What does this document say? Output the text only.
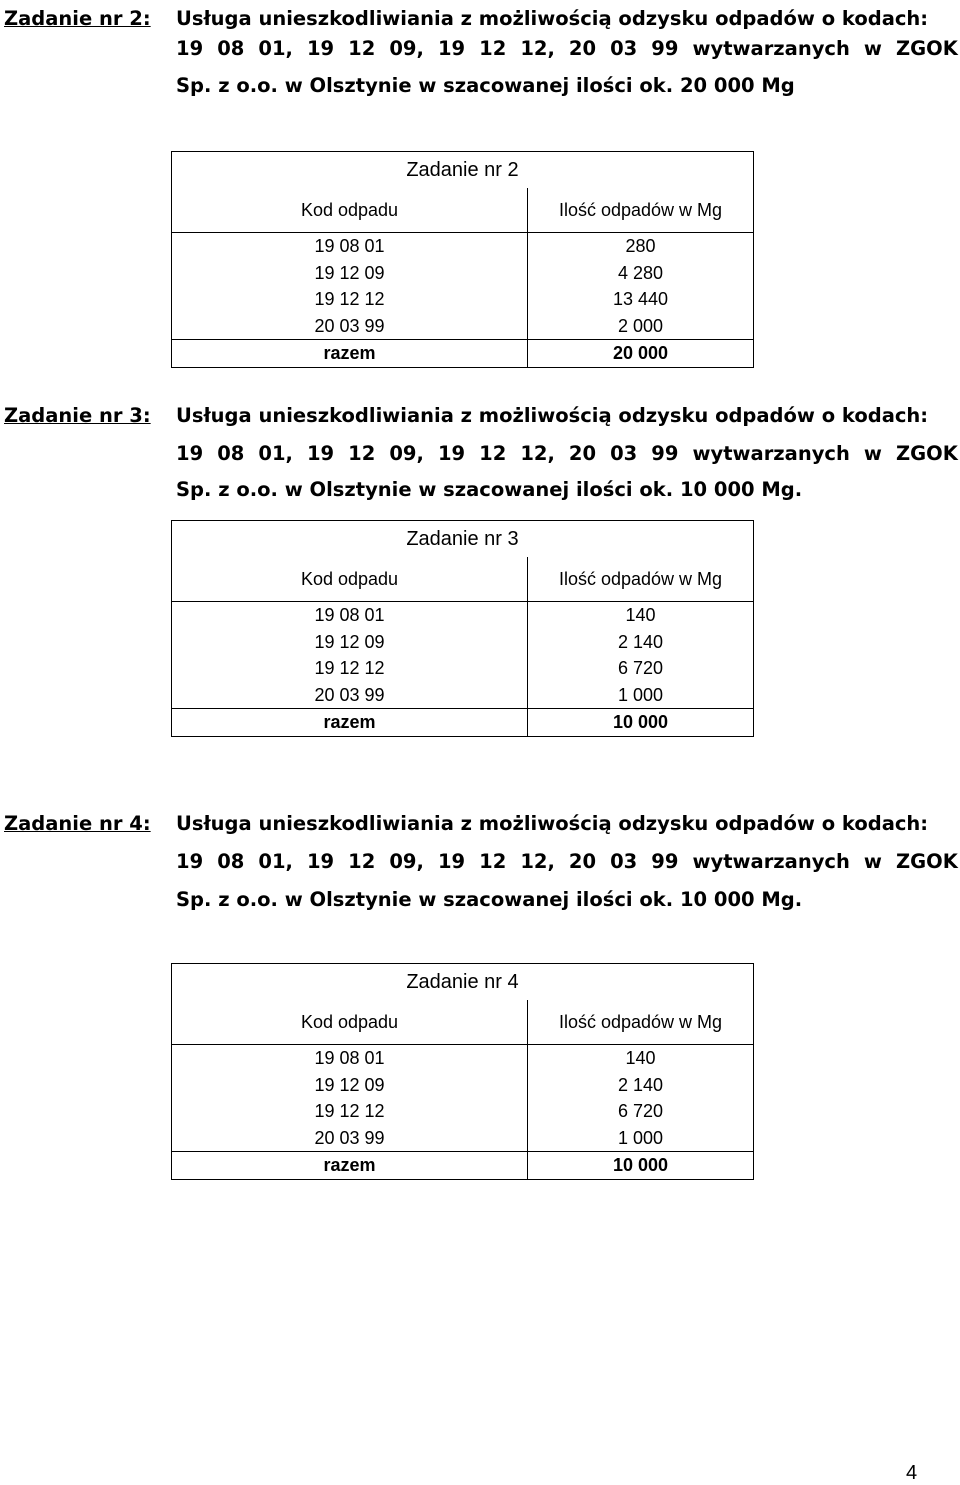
Zadanie nr 2: Usługa unieszkodliwiania z możliwością odzysku odpadów o kodach:
19 08 01, 19 12 09, 19 12 12, 20 03 99 wytwarzanych w ZGOK
Sp. z o.o. w Olsztynie w szacowanej ilości ok. 20 000 Mg
Zadanie nr 2	
Kod odpadu	Ilość odpadów w Mg
19 08 01	280
19 12 09	4 280
19 12 12	13 440
20 03 99	2 000
razem	20 000
Zadanie nr 3: Usługa unieszkodliwiania z możliwością odzysku odpadów o kodach:
19 08 01, 19 12 09, 19 12 12, 20 03 99 wytwarzanych w ZGOK
Sp. z o.o. w Olsztynie w szacowanej ilości ok. 10 000 Mg.
Zadanie nr 3	
Kod odpadu	Ilość odpadów w Mg
19 08 01	140
19 12 09	2 140
19 12 12	6 720
20 03 99	1 000
razem	10 000
Zadanie nr 4: Usługa unieszkodliwiania z możliwością odzysku odpadów o kodach:
19 08 01, 19 12 09, 19 12 12, 20 03 99 wytwarzanych w ZGOK
Sp. z o.o. w Olsztynie w szacowanej ilości ok. 10 000 Mg.
Zadanie nr 4	
Kod odpadu	Ilość odpadów w Mg
19 08 01	140
19 12 09	2 140
19 12 12	6 720
20 03 99	1 000
razem	10 000
4
